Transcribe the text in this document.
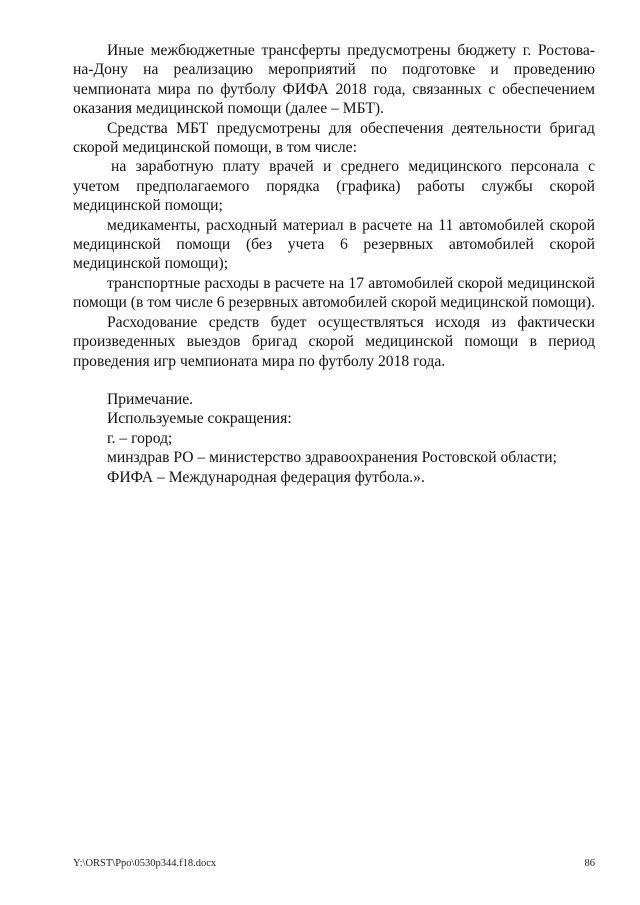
Иные межбюджетные трансферты предусмотрены бюджету г. Ростова-на-Дону на реализацию мероприятий по подготовке и проведению чемпионата мира по футболу ФИФА 2018 года, связанных с обеспечением оказания медицинской помощи (далее – МБТ).

Средства МБТ предусмотрены для обеспечения деятельности бригад скорой медицинской помощи, в том числе:

на заработную плату врачей и среднего медицинского персонала с учетом предполагаемого порядка (графика) работы службы скорой медицинской помощи;

медикаменты, расходный материал в расчете на 11 автомобилей скорой медицинской помощи (без учета 6 резервных автомобилей скорой медицинской помощи);

транспортные расходы в расчете на 17 автомобилей скорой медицинской помощи (в том числе 6 резервных автомобилей скорой медицинской помощи).

Расходование средств будет осуществляться исходя из фактически произведенных выездов бригад скорой медицинской помощи в период проведения игр чемпионата мира по футболу 2018 года.

Примечание.

Используемые сокращения:

г. – город;

минздрав РО – министерство здравоохранения Ростовской области;

ФИФА – Международная федерация футбола.».

Y:\ORST\Ppo\0530p344.f18.docx	86
